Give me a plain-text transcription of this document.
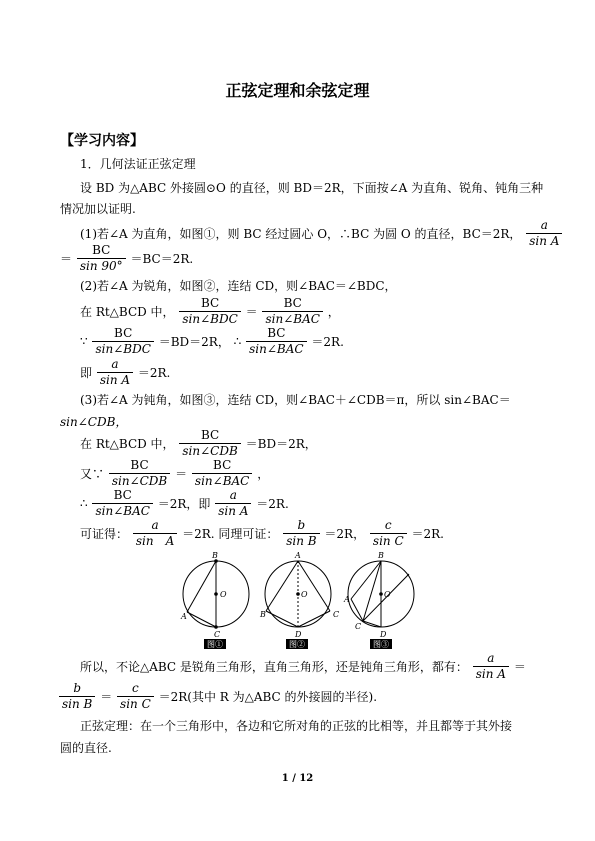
正弦定理和余弦定理
【学习内容】
1．几何法证正弦定理
设 BD 为△ABC 外接圆⊙O 的直径，则 BD＝2R，下面按∠A 为直角、锐角、钝角三种
情况加以证明.
(1)若∠A 为直角，如图①，则 BC 经过圆心 O，∴BC 为圆 O 的直径，BC＝2R， $\frac{a}{\text{sin A}}$
＝ $\frac{BC}{\sin 90^\circ} =BC=2R$.
(2)若∠A 为锐角，如图②，连结 CD，则∠BAC＝∠BDC，
在 Rt△BCD 中， $\frac{BC}{\text{sin∠BDC}} = \frac{BC}{\text{sin∠BAC}}$ ，
∵ $\frac{BC}{\text{sin∠BDC}} =BD=2R$， ∴ $\frac{BC}{\text{sin∠BAC}} =2R$.
即 $\frac{a}{\text{sin A}} =2R$.
(3)若∠A 为钝角，如图③，连结 CD，则∠BAC＋∠CDB＝π，所以 sin∠BAC＝
sin∠CDB，
在 Rt△BCD 中， $\frac{BC}{\text{sin∠CDB}} =BD=2R$，
又∵ $\frac{BC}{\text{sin∠CDB}} = \frac{BC}{\text{sin∠BAC}}$ ，
∴ $\frac{BC}{\text{sin∠BAC}} =2R$，即 $\frac{a}{\text{sin A}} =2R$.
可证得： $\frac{a}{\text{sin　A}} =2R$. 同理可证： $\frac{b}{\text{sin B}} =2R$， $\frac{c}{\text{sin C}} =2R$.
B
O
A
C
图①
A
O
B	C
D
图②
B
O
A
C
D
图③
所以，不论△ABC 是锐角三角形，直角三角形，还是钝角三角形，都有： $\frac{a}{\text{sin A}}$ ＝
$\frac{b}{\text{sin B}} = \frac{c}{\text{sin C}} =2R$(其中 R 为△ABC 的外接圆的半径).
正弦定理：在一个三角形中，各边和它所对角的正弦的比相等，并且都等于其外接
圆的直径.
1 / 12
